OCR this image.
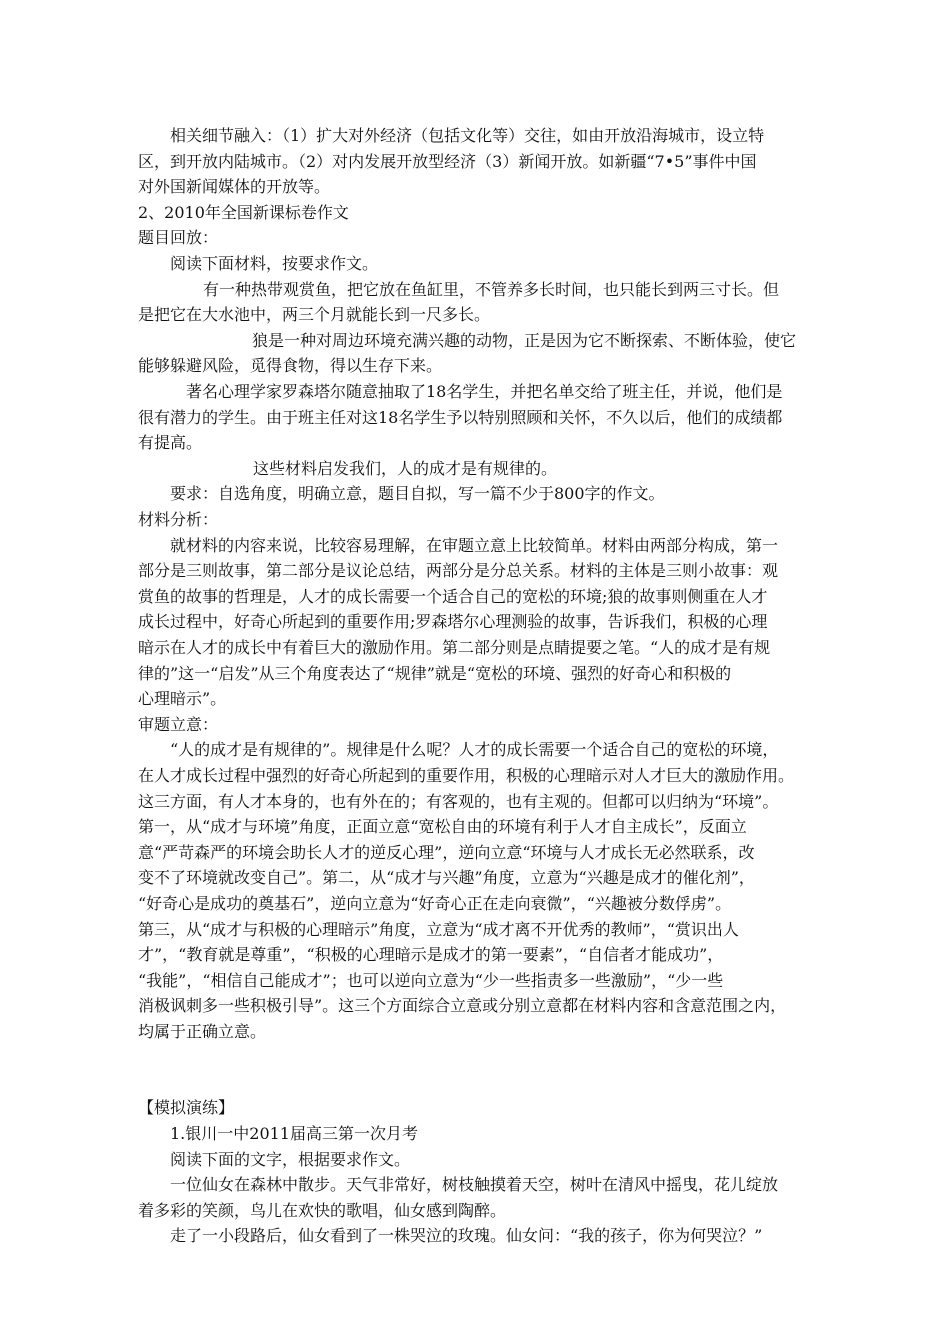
相关细节融入：（1）扩大对外经济（包括文化等）交往，如由开放沿海城市，设立特
区，到开放内陆城市。（2）对内发展开放型经济（3）新闻开放。如新疆“7•5”事件中国
对外国新闻媒体的开放等。
2、2010年全国新课标卷作文
题目回放：
阅读下面材料，按要求作文。
有一种热带观赏鱼，把它放在鱼缸里，不管养多长时间，也只能长到两三寸长。但
是把它在大水池中，两三个月就能长到一尺多长。
狼是一种对周边环境充满兴趣的动物，正是因为它不断探索、不断体验，使它
能够躲避风险，觅得食物，得以生存下来。
著名心理学家罗森塔尔随意抽取了18名学生，并把名单交给了班主任，并说，他们是
很有潜力的学生。由于班主任对这18名学生予以特别照顾和关怀，不久以后，他们的成绩都
有提高。
这些材料启发我们，人的成才是有规律的。
要求：自选角度，明确立意，题目自拟，写一篇不少于800字的作文。
材料分析：
就材料的内容来说，比较容易理解，在审题立意上比较简单。材料由两部分构成，第一
部分是三则故事，第二部分是议论总结，两部分是分总关系。材料的主体是三则小故事：观
赏鱼的故事的哲理是，人才的成长需要一个适合自己的宽松的环境;狼的故事则侧重在人才
成长过程中，好奇心所起到的重要作用;罗森塔尔心理测验的故事，告诉我们，积极的心理
暗示在人才的成长中有着巨大的激励作用。第二部分则是点睛提要之笔。“人的成才是有规
律的”这一“启发”从三个角度表达了“规律”就是“宽松的环境、强烈的好奇心和积极的
心理暗示”。
审题立意：
“人的成才是有规律的”。规律是什么呢？人才的成长需要一个适合自己的宽松的环境，
在人才成长过程中强烈的好奇心所起到的重要作用，积极的心理暗示对人才巨大的激励作用。
这三方面，有人才本身的，也有外在的；有客观的，也有主观的。但都可以归纳为“环境”。
第一，从“成才与环境”角度，正面立意“宽松自由的环境有利于人才自主成长”，反面立
意“严苛森严的环境会助长人才的逆反心理”，逆向立意“环境与人才成长无必然联系，改
变不了环境就改变自己”。第二，从“成才与兴趣”角度，立意为“兴趣是成才的催化剂”，
“好奇心是成功的奠基石”，逆向立意为“好奇心正在走向衰微”，“兴趣被分数俘虏”。
第三，从“成才与积极的心理暗示”角度，立意为“成才离不开优秀的教师”，“赏识出人
才”，“教育就是尊重”，“积极的心理暗示是成才的第一要素”，“自信者才能成功”，
“我能”，“相信自己能成才”；也可以逆向立意为“少一些指责多一些激励”，“少一些
消极讽刺多一些积极引导”。这三个方面综合立意或分别立意都在材料内容和含意范围之内，
均属于正确立意。
【模拟演练】
1.银川一中2011届高三第一次月考
阅读下面的文字，根据要求作文。
一位仙女在森林中散步。天气非常好，树枝触摸着天空，树叶在清风中摇曳，花儿绽放
着多彩的笑颜，鸟儿在欢快的歌唱，仙女感到陶醉。
走了一小段路后，仙女看到了一株哭泣的玫瑰。仙女问：“我的孩子，你为何哭泣？”
